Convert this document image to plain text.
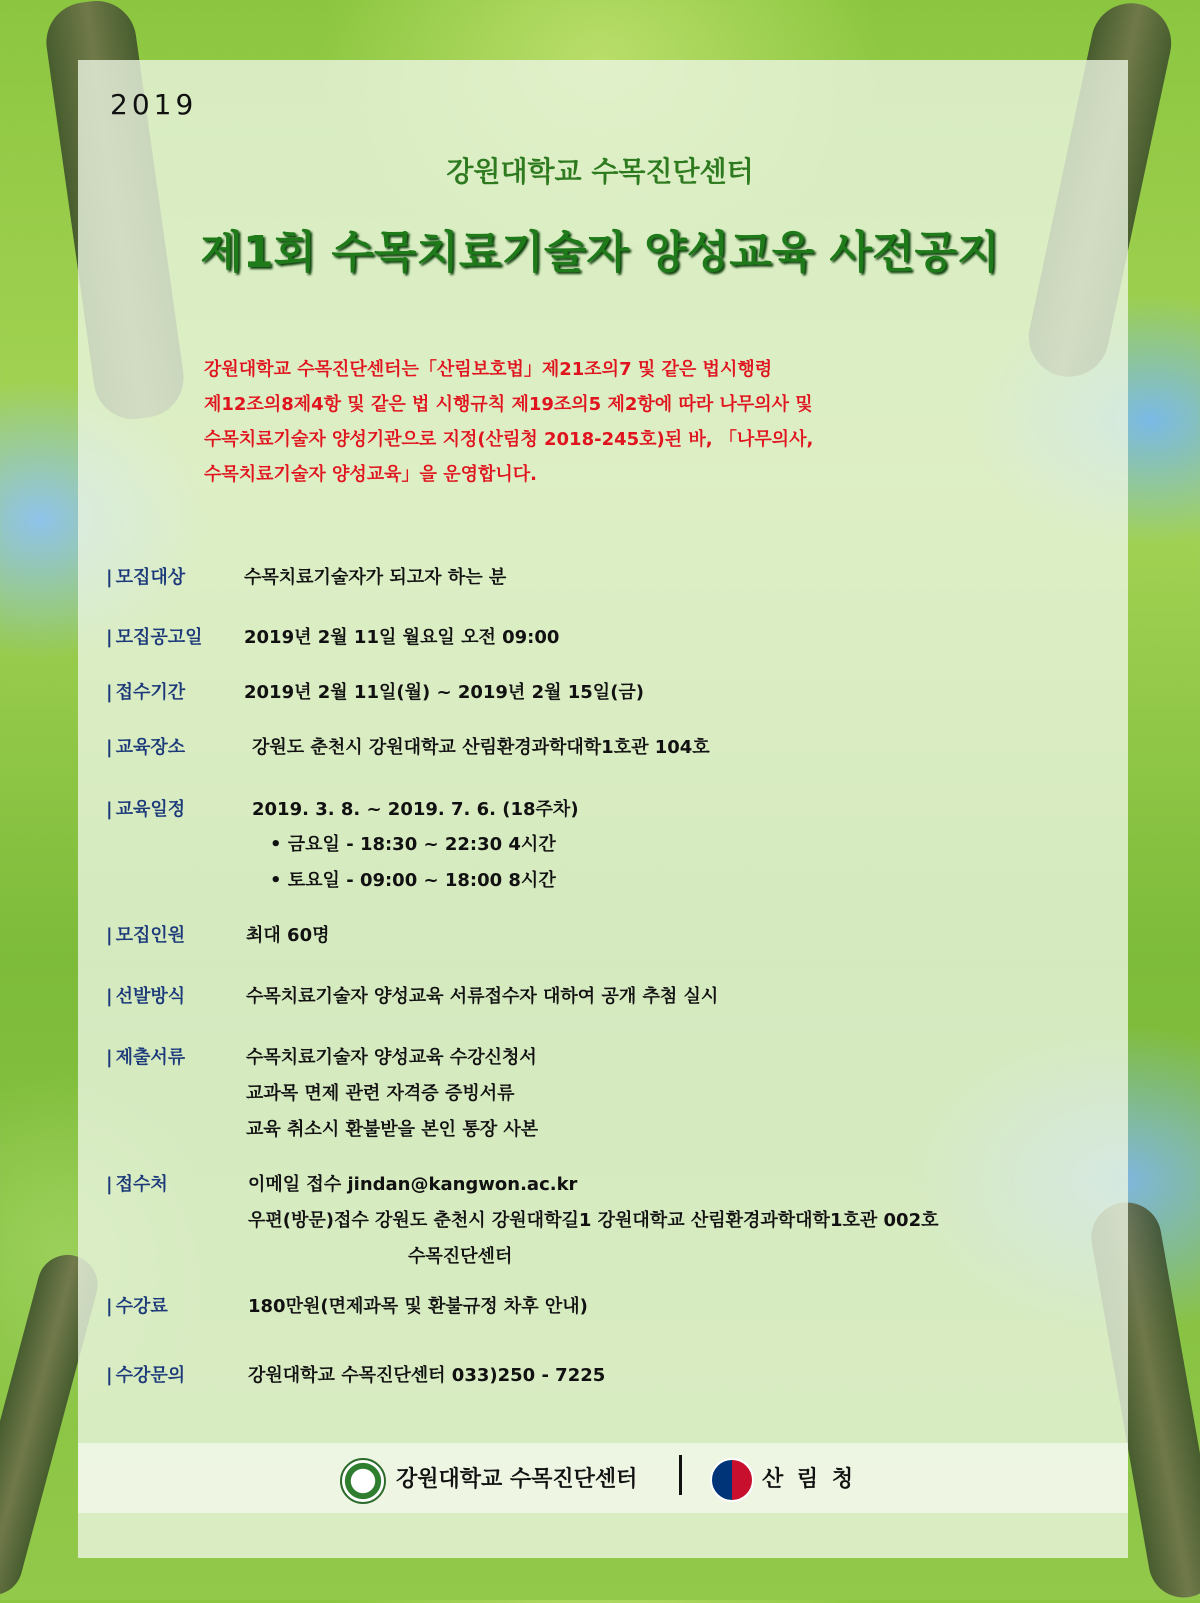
2019
강원대학교 수목진단센터
제1회 수목치료기술자 양성교육 사전공지
강원대학교 수목진단센터는「산림보호법」제21조의7 및 같은 법시행령
제12조의8제4항 및 같은 법 시행규칙 제19조의5 제2항에 따라 나무의사 및
수목치료기술자 양성기관으로 지정(산림청 2018-245호)된 바, 「나무의사,
수목치료기술자 양성교육」을 운영합니다.
| 모집대상	수목치료기술자가 되고자 하는 분
| 모집공고일 2019년 2월 11일 월요일 오전 09:00
| 접수기간	2019년 2월 11일(월) ~ 2019년 2월 15일(금)
| 교육장소	강원도 춘천시 강원대학교 산림환경과학대학1호관 104호
| 교육일정	2019. 3. 8. ~ 2019. 7. 6. (18주차)
• 금요일 - 18:30 ~ 22:30 4시간
• 토요일 - 09:00 ~ 18:00 8시간
| 모집인원	최대 60명
| 선발방식	수목치료기술자 양성교육 서류접수자 대하여 공개 추첨 실시
| 제출서류	수목치료기술자 양성교육 수강신청서
교과목 면제 관련 자격증 증빙서류
교육 취소시 환불받을 본인 통장 사본
| 접수처	이메일 접수 jindan@kangwon.ac.kr
우편(방문)접수 강원도 춘천시 강원대학길1 강원대학교 산림환경과학대학1호관 002호
수목진단센터
| 수강료	180만원(면제과목 및 환불규정 차후 안내)
| 수강문의	강원대학교 수목진단센터 033)250 - 7225
강원대학교 수목진단센터	산 림 청
